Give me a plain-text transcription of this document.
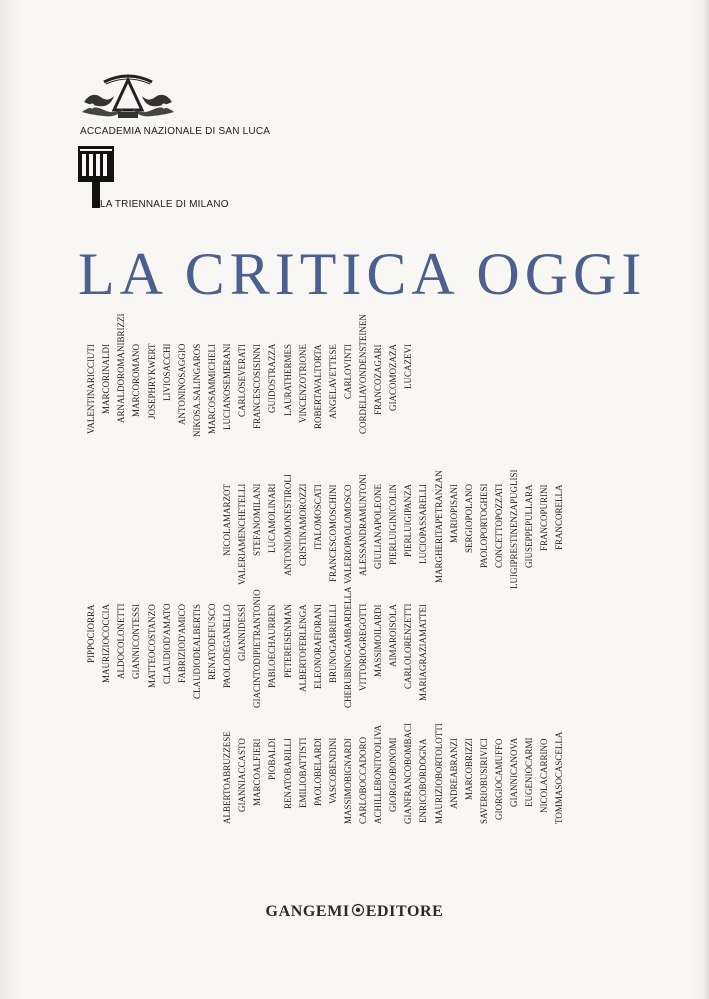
ACCADEMIA NAZIONALE DI SAN LUCA
LA TRIENNALE DI MILANO
LA CRITICA OGGI
VALENTINARICCIUTI MARCORINALDI ARNALDOROMANIBRIZZI MARCOROMANO JOSEPHRYKWERT LIVIOSACCHI ANTONINOSAGGIO NIKOSA.SALINGAROS MARCOSAMMICHELI LUCIANOSEMERANI CARLOSEVERATI FRANCESCOSISINNI GUIDOSTRAZZA LAURATHERMES VINCENZOTRIONE ROBERTAVALTORTA ANGELAVETTESE CARLOVINTI CORDELIAVONDENSTEINEN FRANCOZAGARI GIACOMOZAZA LUCAZEVI
NICOLAMARZOT VALERIAMENCHETELLI STEFANOMILANI LUCAMOLINARI ANTONIOMONESTIROLI CRISTINAMOROZZI ITALOMOSCATI FRANCESCOMOSCHINI VALERIOPAOLOMOSCO ALESSANDRAMUNTONI GIULIANAPOLEONE PIERLUIGINICOLIN PIERLUIGIPANZA LUCIOPASSARELLI MARGHERITAPETRANZAN MARIOPISANI SERGIOPOLANO PAOLOPORTOGHESI CONCETTOPOZZATI LUIGIPRESTINENZAPUGLISI GIUSEPPEPULLARA FRANCOPURINI FRANCORELLA
PIPPOCIORRA MAURIZIOCOCCIA ALDOCOLONETTI GIANNICONTESSI MATTEOCOSTANZO CLAUDIOD'AMATO FABRIZIOD'AMICO CLAUDIODEALBERTIS RENATODEFUSCO PAOLODEGANELLO GIANNIDESSÌ GIACINTODIPIETRANTONIO PABLOECHAURREN PETEREISENMAN ALBERTOFERLENGA ELEONORAFIORANI BRUNOGABRIELLI CHERUBINOGAMBARDELLA VITTORIOGREGOTTI MASSIMOILARDI AIMAROISOLA CARLOLORENZETTI MARIAGRAZIAMATTEI
ALBERTOABRUZZESE GIANNIACCASTO MARCOALFIERI PIOBALDI RENATOBARILLI EMILIOBATTISTI PAOLOBELARDI VASCOBENDINI MASSIMOBIGNARDI CARLOBOCCADORO ACHILLEBONITOOLIVA GIORGIOBONOMI GIANFRANCOBOMBACI ENRICOBORDOGNA MAURIZIOBORTOLOTTI ANDREABRANZI MARCOBRIZZI SAVERIOBUSIRIVICI GIORGIOCAMUFFO GIANNICANOVA EUGENIOCARMI NICOLACARRINO TOMMASOCASCELLA
GANGEMI EDITORE
